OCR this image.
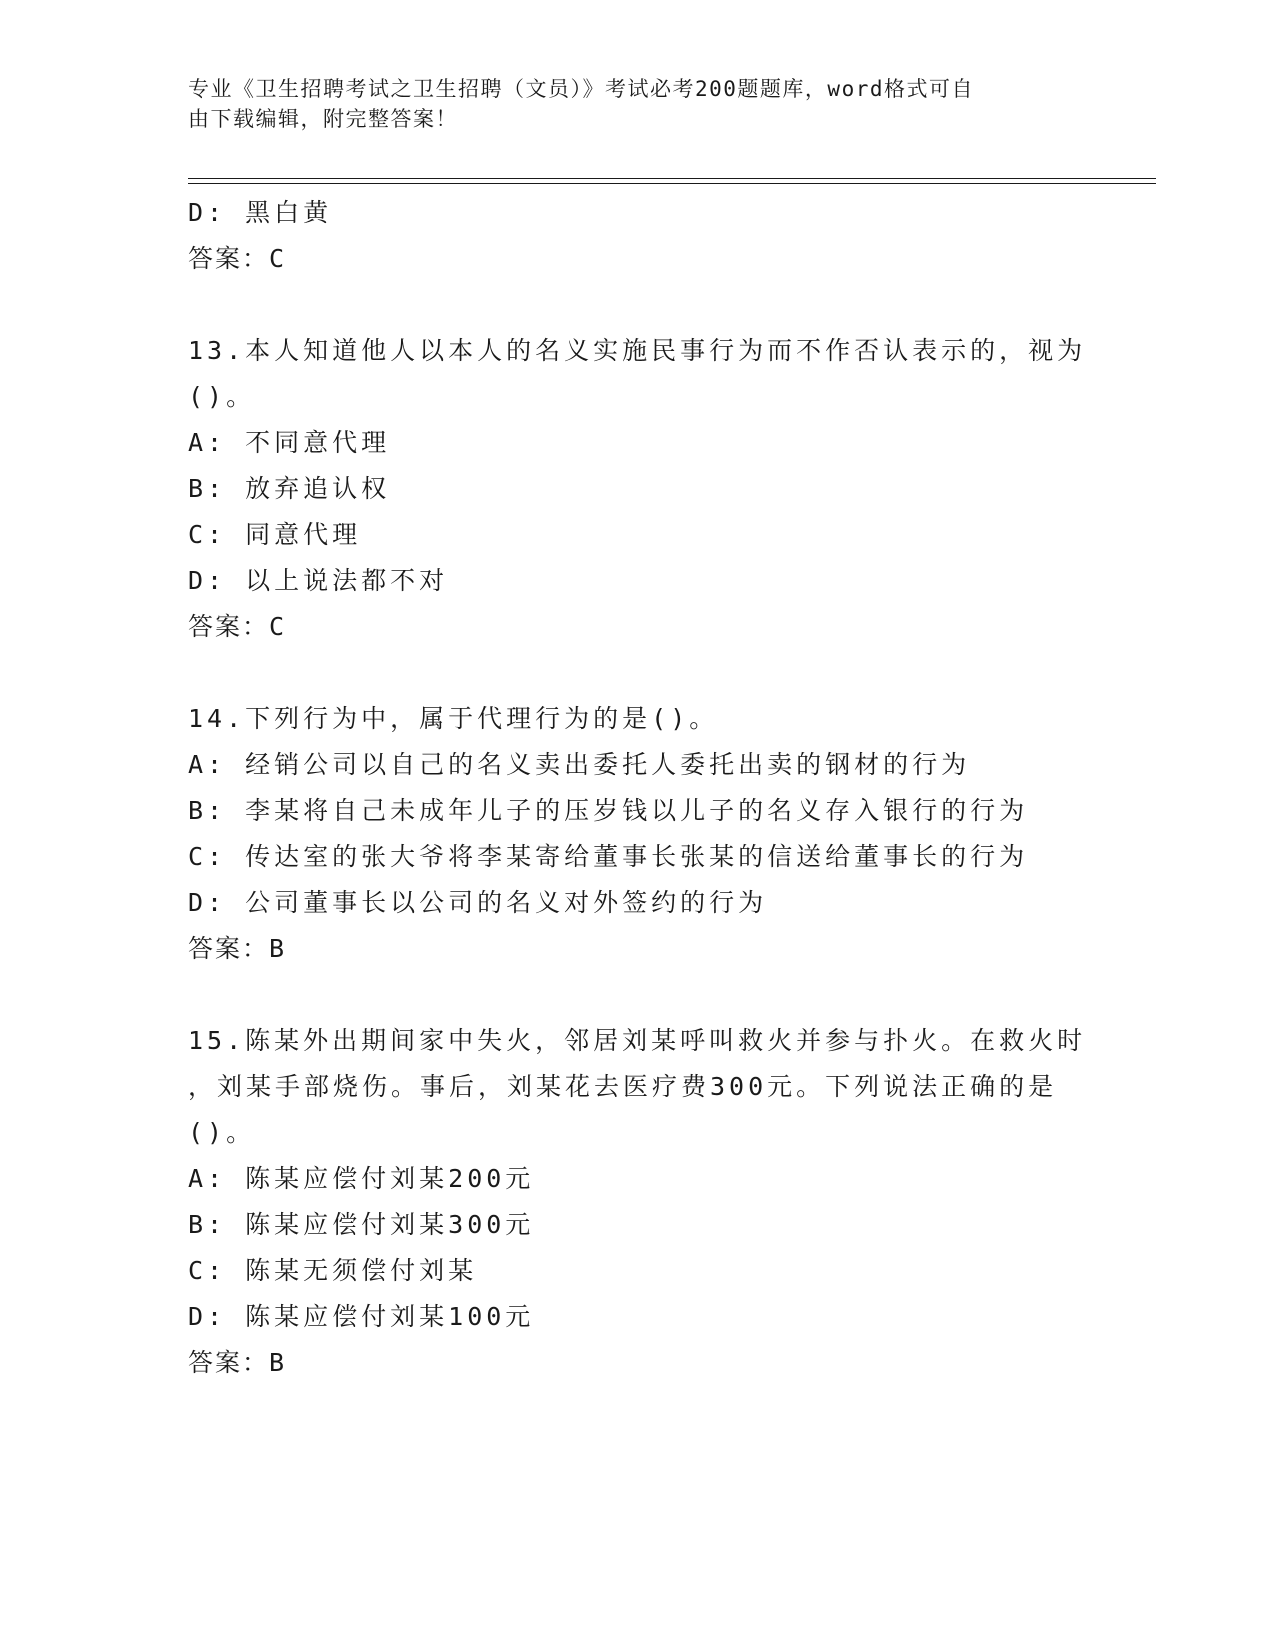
专业《卫生招聘考试之卫生招聘（文员）》考试必考200题题库，word格式可自
由下载编辑，附完整答案！
D: 黑白黄
答案：C
13.本人知道他人以本人的名义实施民事行为而不作否认表示的，视为
()。
A: 不同意代理
B: 放弃追认权
C: 同意代理
D: 以上说法都不对
答案：C
14.下列行为中，属于代理行为的是()。
A: 经销公司以自己的名义卖出委托人委托出卖的钢材的行为
B: 李某将自己未成年儿子的压岁钱以儿子的名义存入银行的行为
C: 传达室的张大爷将李某寄给董事长张某的信送给董事长的行为
D: 公司董事长以公司的名义对外签约的行为
答案：B
15.陈某外出期间家中失火，邻居刘某呼叫救火并参与扑火。在救火时
，刘某手部烧伤。事后，刘某花去医疗费300元。下列说法正确的是
()。
A: 陈某应偿付刘某200元
B: 陈某应偿付刘某300元
C: 陈某无须偿付刘某
D: 陈某应偿付刘某100元
答案：B
